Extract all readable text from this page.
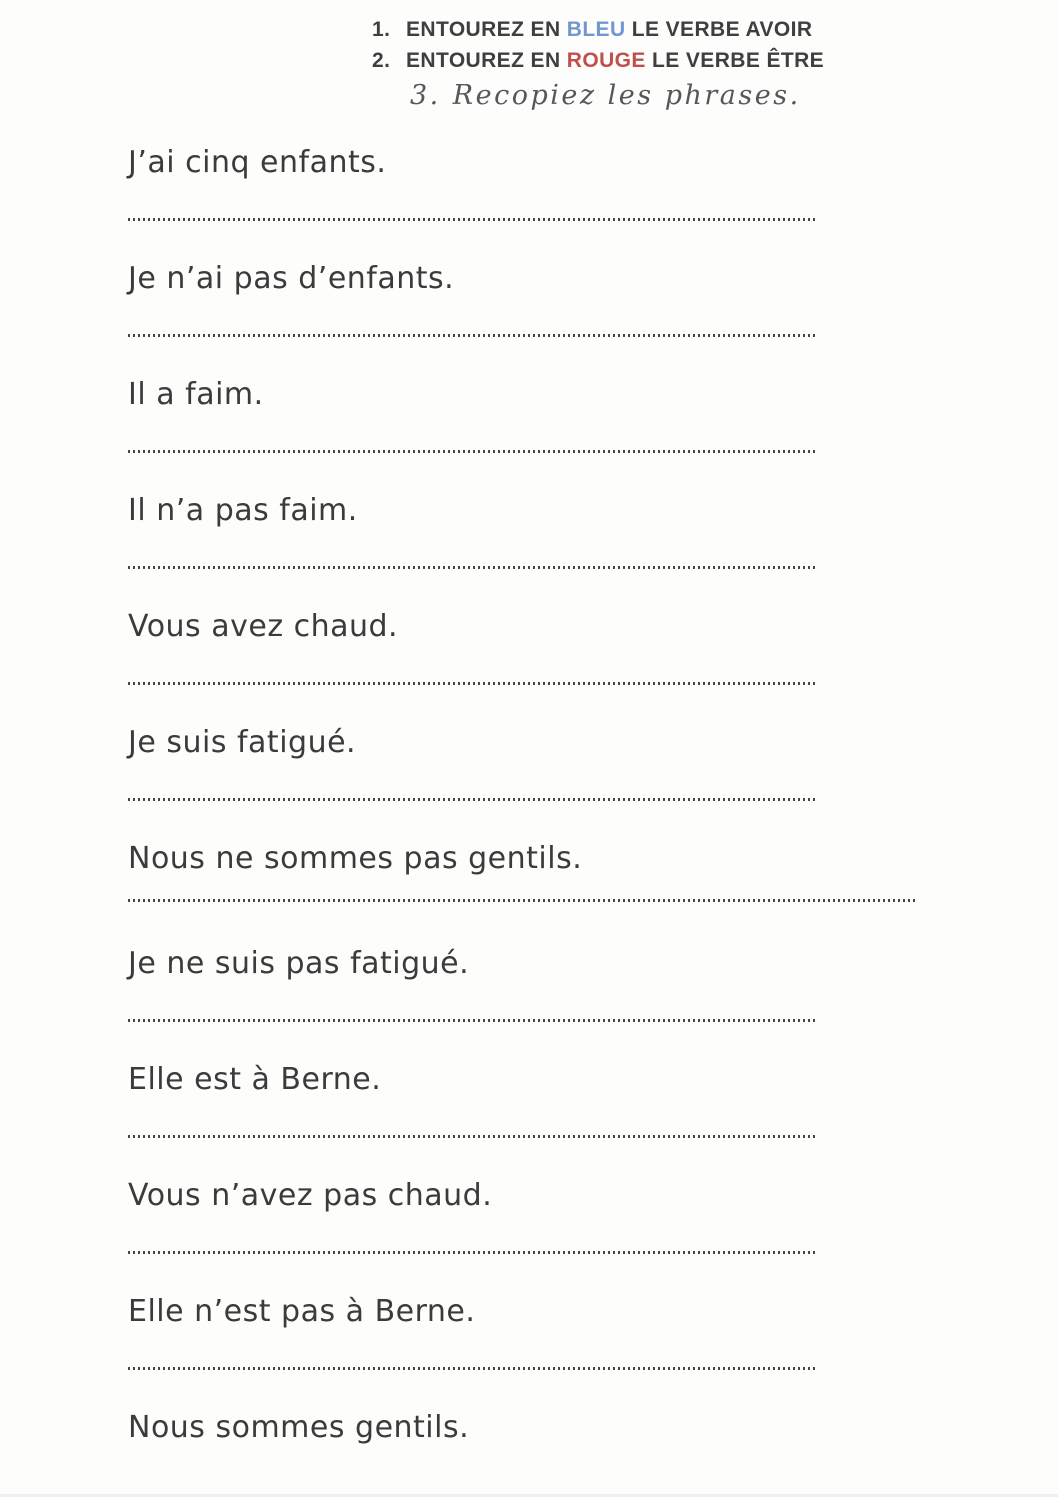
1. ENTOUREZ EN BLEU LE VERBE AVOIR
2. ENTOUREZ EN ROUGE LE VERBE ÊTRE
3. Recopiez les phrases.
J’ai cinq enfants.
Je n’ai pas d’enfants.
Il a faim.
Il n’a pas faim.
Vous avez chaud.
Je suis fatigué.
Nous ne sommes pas gentils.
Je ne suis pas fatigué.
Elle est à Berne.
Vous n’avez pas chaud.
Elle n’est pas à Berne.
Nous sommes gentils.
